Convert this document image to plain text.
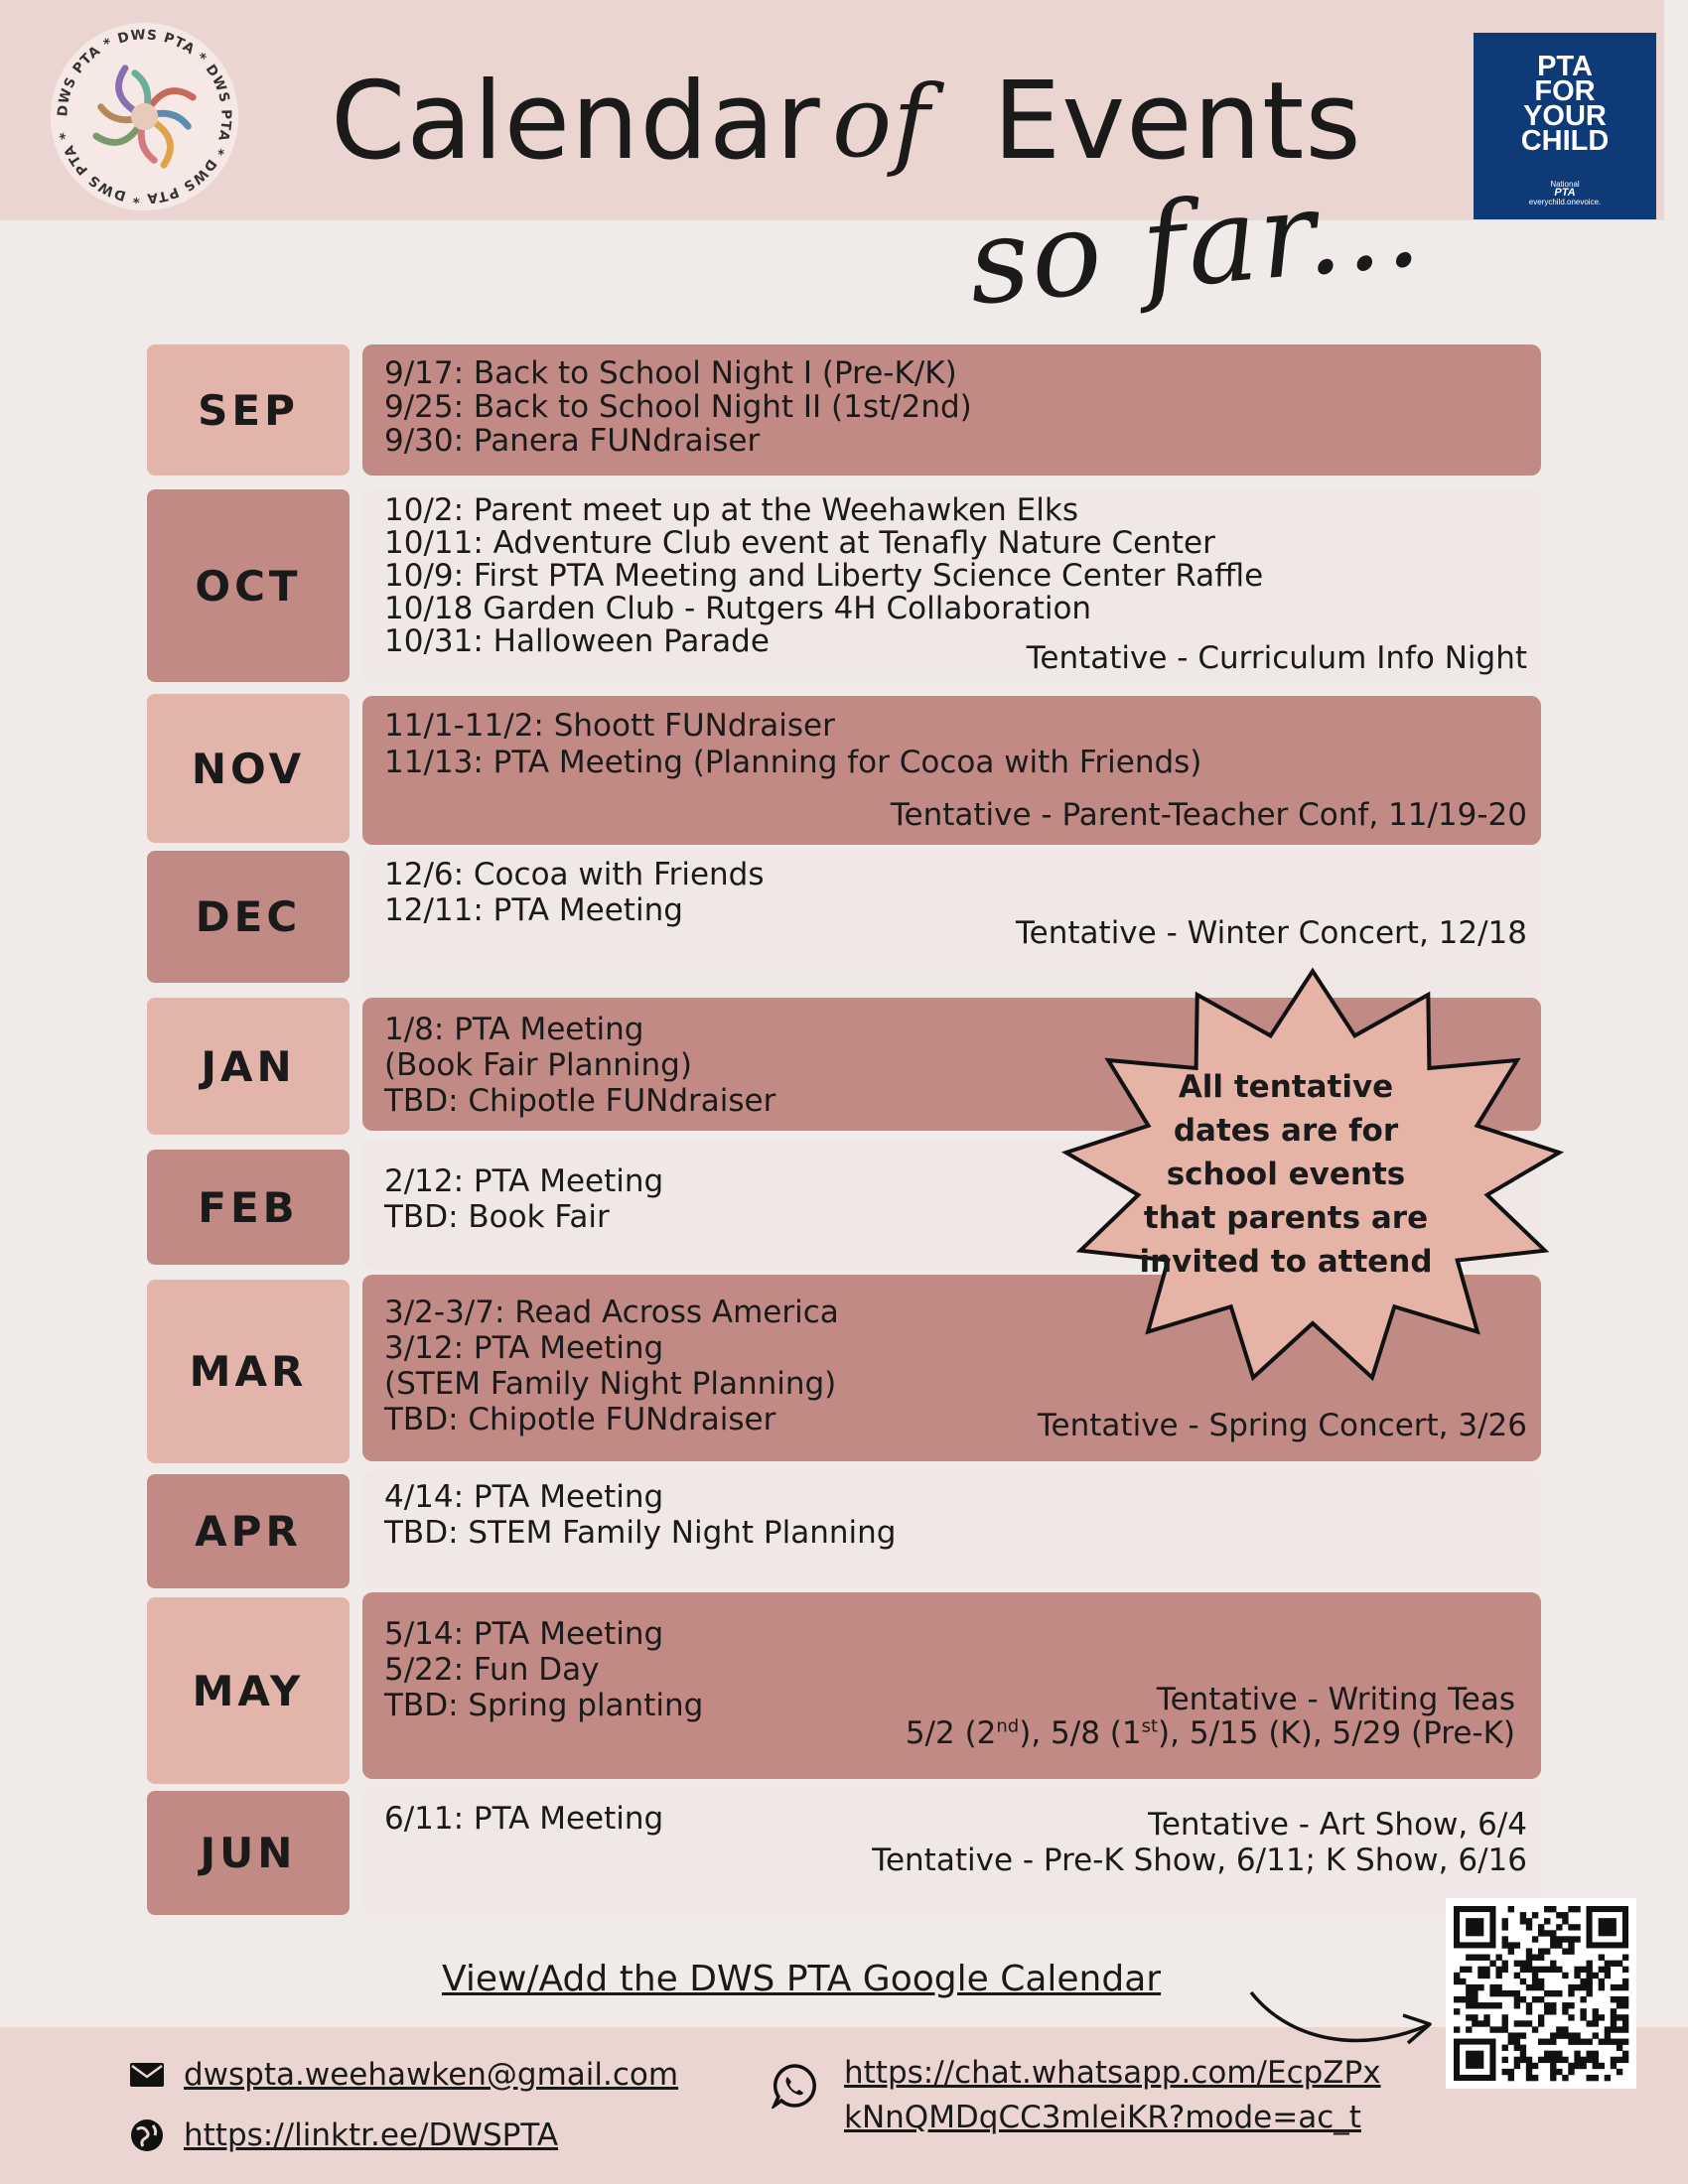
DWS PTA * DWS PTA * DWS PTA * DWS PTA * DWS PTA *	Calendar of Events
so far...
PTA
FOR
YOUR
CHILD
National
PTA
everychild.onevoice.
SEP
9/17: Back to School Night I (Pre-K/K)
9/25: Back to School Night II (1st/2nd)
9/30: Panera FUNdraiser
OCT
10/2: Parent meet up at the Weehawken Elks
10/11: Adventure Club event at Tenafly Nature Center
10/9: First PTA Meeting and Liberty Science Center Raffle
10/18 Garden Club - Rutgers 4H Collaboration
10/31: Halloween Parade	Tentative - Curriculum Info Night
NOV
11/1-11/2: Shoott FUNdraiser
11/13: PTA Meeting (Planning for Cocoa with Friends)
Tentative - Parent-Teacher Conf, 11/19-20
DEC
12/6: Cocoa with Friends
12/11: PTA Meeting
Tentative - Winter Concert, 12/18
JAN
1/8: PTA Meeting
(Book Fair Planning)
TBD: Chipotle FUNdraiser
FEB
2/12: PTA Meeting
TBD: Book Fair
MAR
3/2-3/7: Read Across America
3/12: PTA Meeting
(STEM Family Night Planning)
TBD: Chipotle FUNdraiser	Tentative - Spring Concert, 3/26
APR
4/14: PTA Meeting
TBD: STEM Family Night Planning
MAY
5/14: PTA Meeting
5/22: Fun Day
TBD: Spring planting	Tentative - Writing Teas
5/2 (2nd), 5/8 (1st), 5/15 (K), 5/29 (Pre-K)
JUN
6/11: PTA Meeting	Tentative - Art Show, 6/4
Tentative - Pre-K Show, 6/11; K Show, 6/16
All tentative
dates are for
school events
that parents are
invited to attend
View/Add the DWS PTA Google Calendar
dwspta.weehawken@gmail.com
https://linktr.ee/DWSPTA
https://chat.whatsapp.com/EcpZPx
kNnQMDqCC3mleiKR?mode=ac_t
